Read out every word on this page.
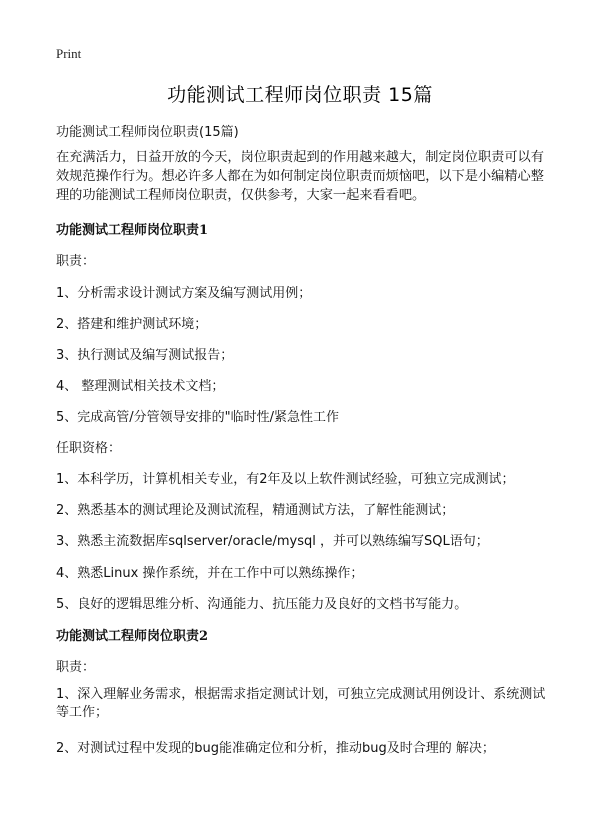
Print
功能测试工程师岗位职责 15篇
功能测试工程师岗位职责(15篇)
在充满活力，日益开放的今天，岗位职责起到的作用越来越大，制定岗位职责可以有效规范操作行为。想必许多人都在为如何制定岗位职责而烦恼吧，以下是小编精心整理的功能测试工程师岗位职责，仅供参考，大家一起来看看吧。
功能测试工程师岗位职责1
职责：
1、分析需求设计测试方案及编写测试用例；
2、搭建和维护测试环境；
3、执行测试及编写测试报告；
4、 整理测试相关技术文档；
5、完成高管/分管领导安排的"临时性/紧急性工作
任职资格：
1、本科学历，计算机相关专业，有2年及以上软件测试经验，可独立完成测试；
2、熟悉基本的测试理论及测试流程，精通测试方法，了解性能测试；
3、熟悉主流数据库sqlserver/oracle/mysql ，并可以熟练编写SQL语句；
4、熟悉Linux 操作系统，并在工作中可以熟练操作；
5、良好的逻辑思维分析、沟通能力、抗压能力及良好的文档书写能力。
功能测试工程师岗位职责2
职责：
1、深入理解业务需求，根据需求指定测试计划，可独立完成测试用例设计、系统测试等工作；
2、对测试过程中发现的bug能准确定位和分析，推动bug及时合理的 解决；
